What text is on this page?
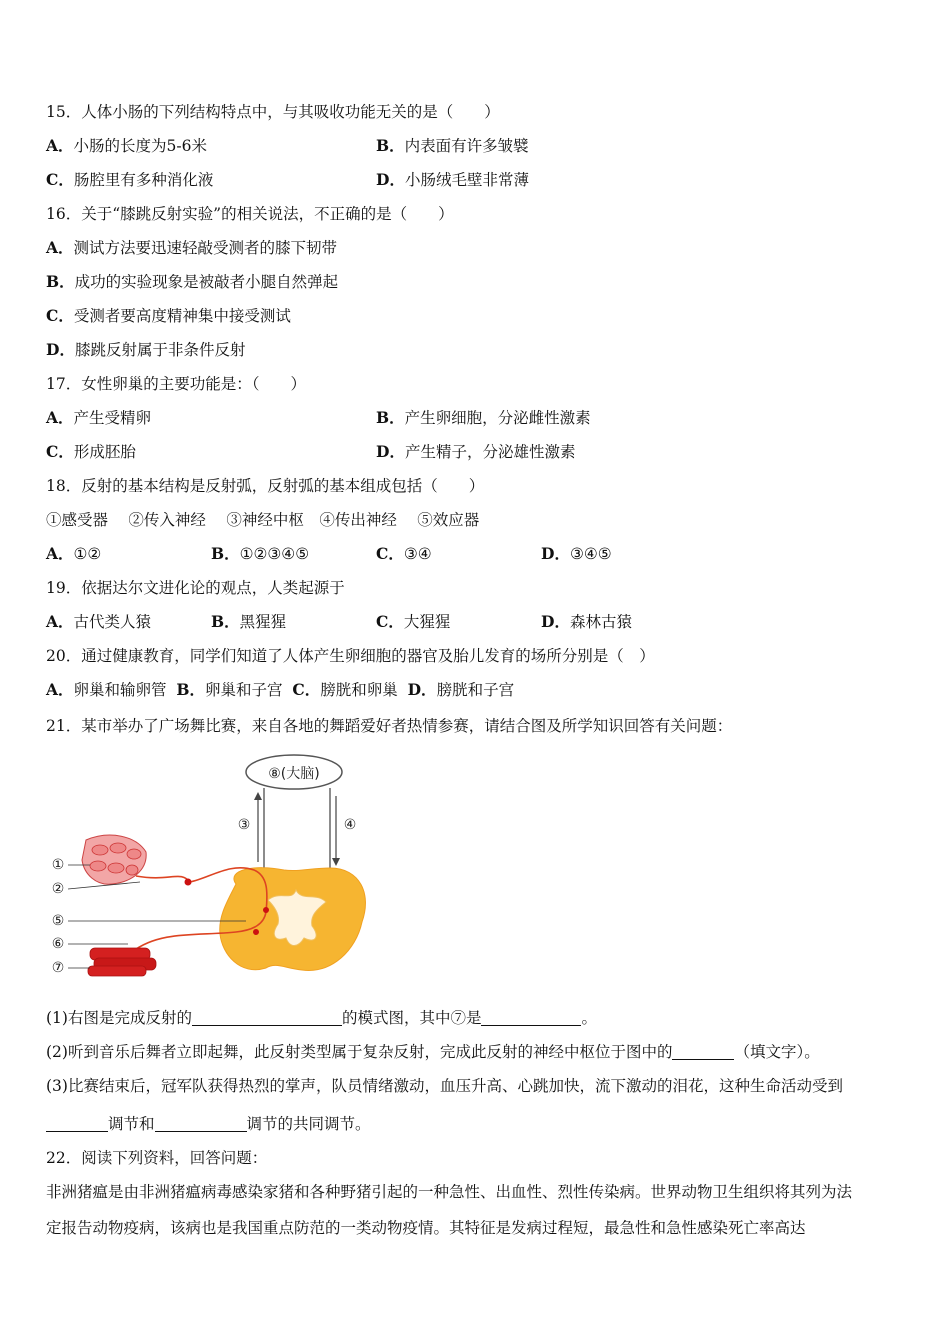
15．人体小肠的下列结构特点中，与其吸收功能无关的是（　　）
A．小肠的长度为5-6米	B．内表面有许多皱襞
C．肠腔里有多种消化液	D．小肠绒毛壁非常薄
16．关于“膝跳反射实验”的相关说法，不正确的是（　　）
A．测试方法要迅速轻敲受测者的膝下韧带
B．成功的实验现象是被敲者小腿自然弹起
C．受测者要高度精神集中接受测试
D．膝跳反射属于非条件反射
17．女性卵巢的主要功能是：（　　）
A．产生受精卵	B．产生卵细胞，分泌雌性激素
C．形成胚胎	D．产生精子，分泌雄性激素
18．反射的基本结构是反射弧，反射弧的基本组成包括（　　）
①感受器　 ②传入神经　 ③神经中枢　④传出神经　 ⑤效应器
A．①②	B．①②③④⑤	C．③④	D．③④⑤
19．依据达尔文进化论的观点，人类起源于
A．古代类人猿	B．黑猩猩	C．大猩猩	D．森林古猿
20．通过健康教育，同学们知道了人体产生卵细胞的器官及胎儿发育的场所分别是（　）
A．卵巢和输卵管 B．卵巢和子宫 C．膀胱和卵巢 D．膀胱和子宫
21．某市举办了广场舞比赛，来自各地的舞蹈爱好者热情参赛，请结合图及所学知识回答有关问题：
⑧(大脑)
③	④
①
②
⑤
⑥
⑦
(1)右图是完成反射的	的模式图，其中⑦是	。
(2)听到音乐后舞者立即起舞，此反射类型属于复杂反射，完成此反射的神经中枢位于图中的	（填文字）。
(3)比赛结束后，冠军队获得热烈的掌声，队员情绪激动，血压升高、心跳加快，流下激动的泪花，这种生命活动受到
调节和	调节的共同调节。
22．阅读下列资料，回答问题：
非洲猪瘟是由非洲猪瘟病毒感染家猪和各种野猪引起的一种急性、出血性、烈性传染病。世界动物卫生组织将其列为法
定报告动物疫病，该病也是我国重点防范的一类动物疫情。其特征是发病过程短，最急性和急性感染死亡率高达
